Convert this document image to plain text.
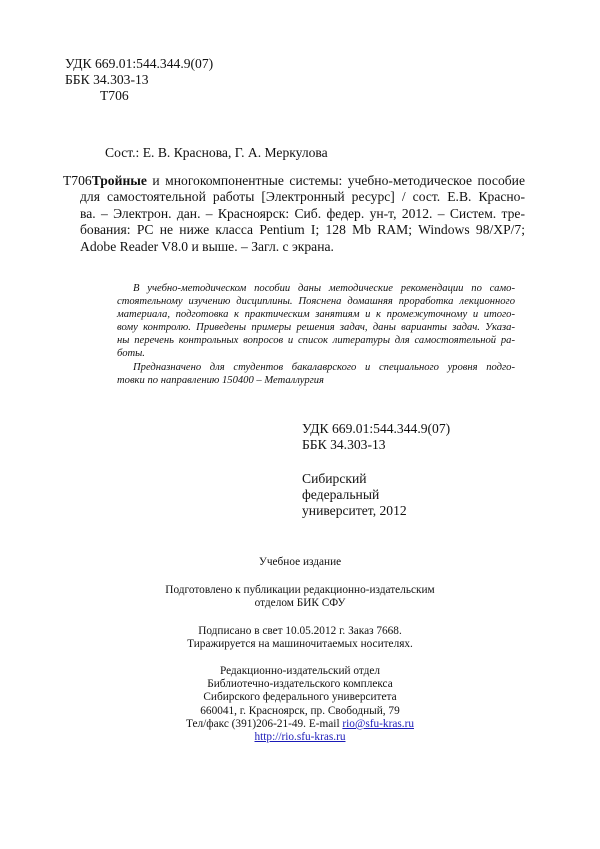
УДК 669.01:544.344.9(07)
ББК 34.303-13
Т706
Сост.: Е. В. Краснова, Г. А. Меркулова
Т706Тройные и многокомпонентные системы: учебно-методическое пособие
для самостоятельной работы [Электронный ресурс] / сост. Е.В. Красно-
ва. – Электрон. дан. – Красноярск: Сиб. федер. ун-т, 2012. – Систем. тре-
бования: PC не ниже класса Pentium I; 128 Mb RAM; Windows 98/XP/7;
Adobe Reader V8.0 и выше. – Загл. с экрана.
В учебно-методическом пособии даны методические рекомендации по само-
стоятельному изучению дисциплины. Пояснена домашняя проработка лекционного
материала, подготовка к практическим занятиям и к промежуточному и итого-
вому контролю. Приведены примеры решения задач, даны варианты задач. Указа-
ны перечень контрольных вопросов и список литературы для самостоятельной ра-
боты.
Предназначено для студентов бакалаврского и специального уровня подго-
товки по направлению 150400 – Металлургия
УДК 669.01:544.344.9(07)
ББК 34.303-13
Сибирский
федеральный
университет, 2012
Учебное издание
Подготовлено к публикации редакционно-издательским
отделом БИК СФУ
Подписано в свет 10.05.2012 г. Заказ 7668.
Тиражируется на машиночитаемых носителях.
Редакционно-издательский отдел
Библиотечно-издательского комплекса
Сибирского федерального университета
660041, г. Красноярск, пр. Свободный, 79
Тел/факс (391)206-21-49. E-mail rio@sfu-kras.ru
http://rio.sfu-kras.ru
